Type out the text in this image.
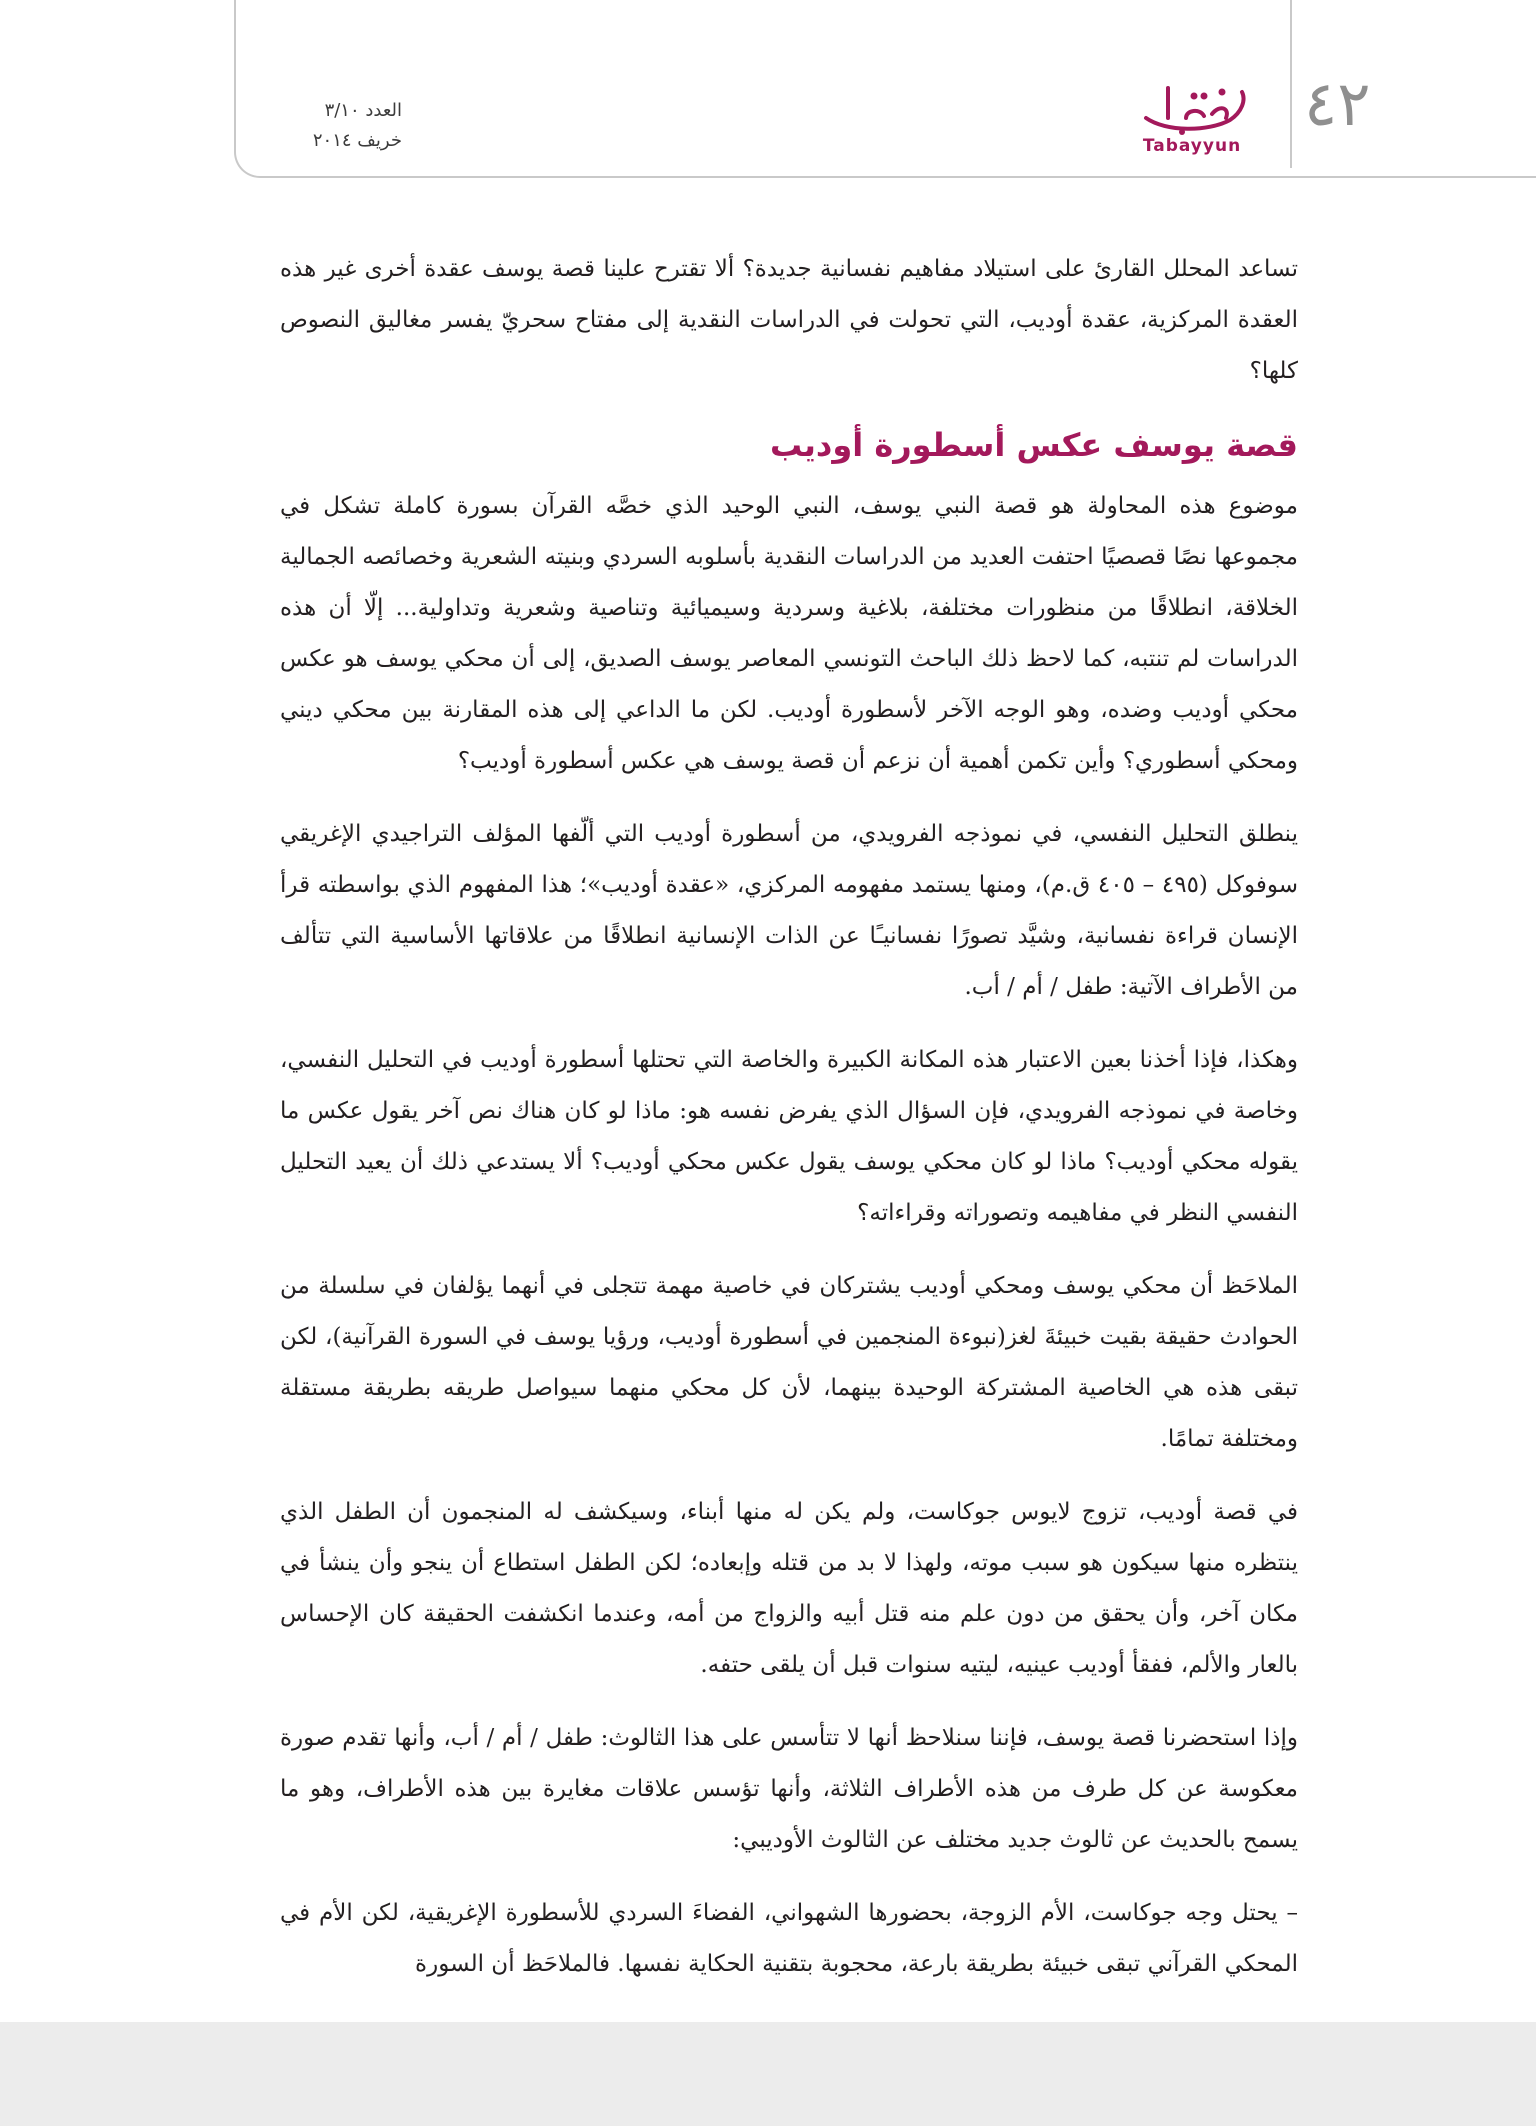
العدد ٣/١٠
خريف ٢٠١٤	Tabayyun
٤٢

تساعد المحلل القارئ على استيلاد مفاهيم نفسانية جديدة؟ ألا تقترح علينا قصة يوسف عقدة أخرى غير هذه العقدة المركزية، عقدة أوديب، التي تحولت في الدراسات النقدية إلى مفتاح سحريّ يفسر مغاليق النصوص كلها؟

قصة يوسف عكس أسطورة أوديب

موضوع هذه المحاولة هو قصة النبي يوسف، النبي الوحيد الذي خصَّه القرآن بسورة كاملة تشكل في مجموعها نصًا قصصيًا احتفت العديد من الدراسات النقدية بأسلوبه السردي وبنيته الشعرية وخصائصه الجمالية الخلاقة، انطلاقًا من منظورات مختلفة، بلاغية وسردية وسيميائية وتناصية وشعرية وتداولية... إلّا أن هذه الدراسات لم تنتبه، كما لاحظ ذلك الباحث التونسي المعاصر يوسف الصديق، إلى أن محكي يوسف هو عكس محكي أوديب وضده، وهو الوجه الآخر لأسطورة أوديب. لكن ما الداعي إلى هذه المقارنة بين محكي ديني ومحكي أسطوري؟ وأين تكمن أهمية أن نزعم أن قصة يوسف هي عكس أسطورة أوديب؟

ينطلق التحليل النفسي، في نموذجه الفرويدي، من أسطورة أوديب التي ألّفها المؤلف التراجيدي الإغريقي سوفوكل (٤٩٥ – ٤٠٥ ق.م)، ومنها يستمد مفهومه المركزي، «عقدة أوديب»؛ هذا المفهوم الذي بواسطته قرأ الإنسان قراءة نفسانية، وشيَّد تصورًا نفسانيـًا عن الذات الإنسانية انطلاقًا من علاقاتها الأساسية التي تتألف من الأطراف الآتية: طفل / أم / أب.

وهكذا، فإذا أخذنا بعين الاعتبار هذه المكانة الكبيرة والخاصة التي تحتلها أسطورة أوديب في التحليل النفسي، وخاصة في نموذجه الفرويدي، فإن السؤال الذي يفرض نفسه هو: ماذا لو كان هناك نص آخر يقول عكس ما يقوله محكي أوديب؟ ماذا لو كان محكي يوسف يقول عكس محكي أوديب؟ ألا يستدعي ذلك أن يعيد التحليل النفسي النظر في مفاهيمه وتصوراته وقراءاته؟

الملاحَظ أن محكي يوسف ومحكي أوديب يشتركان في خاصية مهمة تتجلى في أنهما يؤلفان في سلسلة من الحوادث حقيقة بقيت خبيئةَ لغز(نبوءة المنجمين في أسطورة أوديب، ورؤيا يوسف في السورة القرآنية)، لكن تبقى هذه هي الخاصية المشتركة الوحيدة بينهما، لأن كل محكي منهما سيواصل طريقه بطريقة مستقلة ومختلفة تمامًا.

في قصة أوديب، تزوج لايوس جوكاست، ولم يكن له منها أبناء، وسيكشف له المنجمون أن الطفل الذي ينتظره منها سيكون هو سبب موته، ولهذا لا بد من قتله وإبعاده؛ لكن الطفل استطاع أن ينجو وأن ينشأ في مكان آخر، وأن يحقق من دون علم منه قتل أبيه والزواج من أمه، وعندما انكشفت الحقيقة كان الإحساس بالعار والألم، ففقأ أوديب عينيه، ليتيه سنوات قبل أن يلقى حتفه.

وإذا استحضرنا قصة يوسف، فإننا سنلاحظ أنها لا تتأسس على هذا الثالوث: طفل / أم / أب، وأنها تقدم صورة معكوسة عن كل طرف من هذه الأطراف الثلاثة، وأنها تؤسس علاقات مغايرة بين هذه الأطراف، وهو ما يسمح بالحديث عن ثالوث جديد مختلف عن الثالوث الأوديبي:

– يحتل وجه جوكاست، الأم الزوجة، بحضورها الشهواني، الفضاءَ السردي للأسطورة الإغريقية، لكن الأم في المحكي القرآني تبقى خبيئة بطريقة بارعة، محجوبة بتقنية الحكاية نفسها. فالملاحَظ أن السورة
